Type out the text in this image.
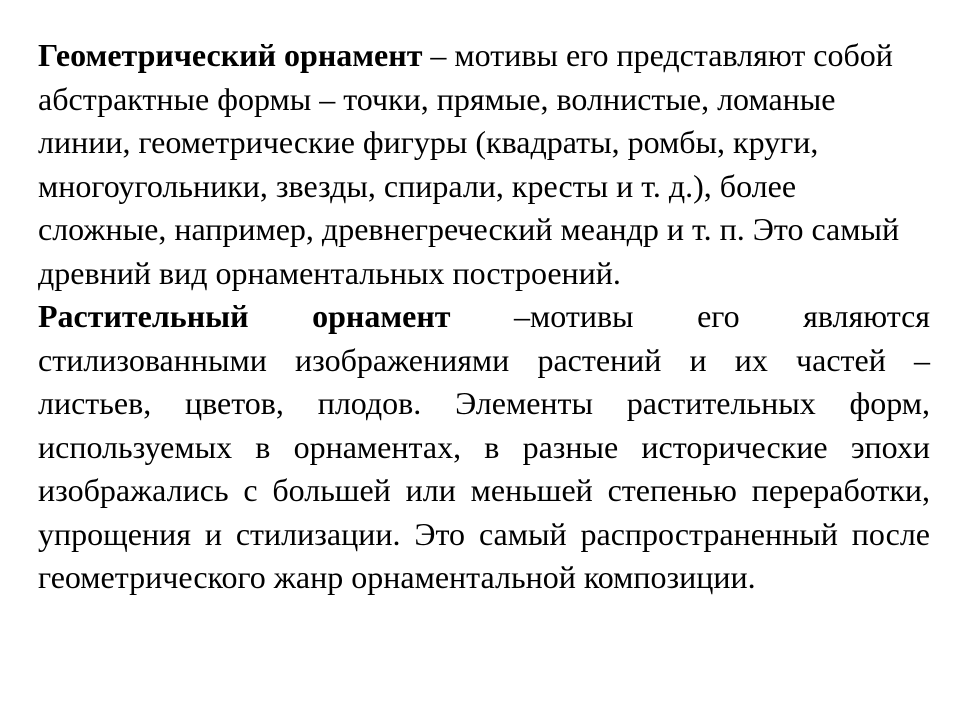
Геометрический орнамент – мотивы его представляют собой абстрактные формы – точки, прямые, волнистые, ломаные линии, геометрические фигуры (квадраты, ромбы, круги, многоугольники, звезды, спирали, кресты и т. д.), более сложные, например, древнегреческий меандр и т. п. Это самый древний вид орнаментальных построений.

Растительный орнамент –мотивы его являются стилизованными изображениями растений и их частей – листьев, цветов, плодов. Элементы растительных форм, используемых в орнаментах, в разные исторические эпохи изображались с большей или меньшей степенью переработки, упрощения и стилизации. Это самый распространенный после геометрического жанр орнаментальной композиции.
